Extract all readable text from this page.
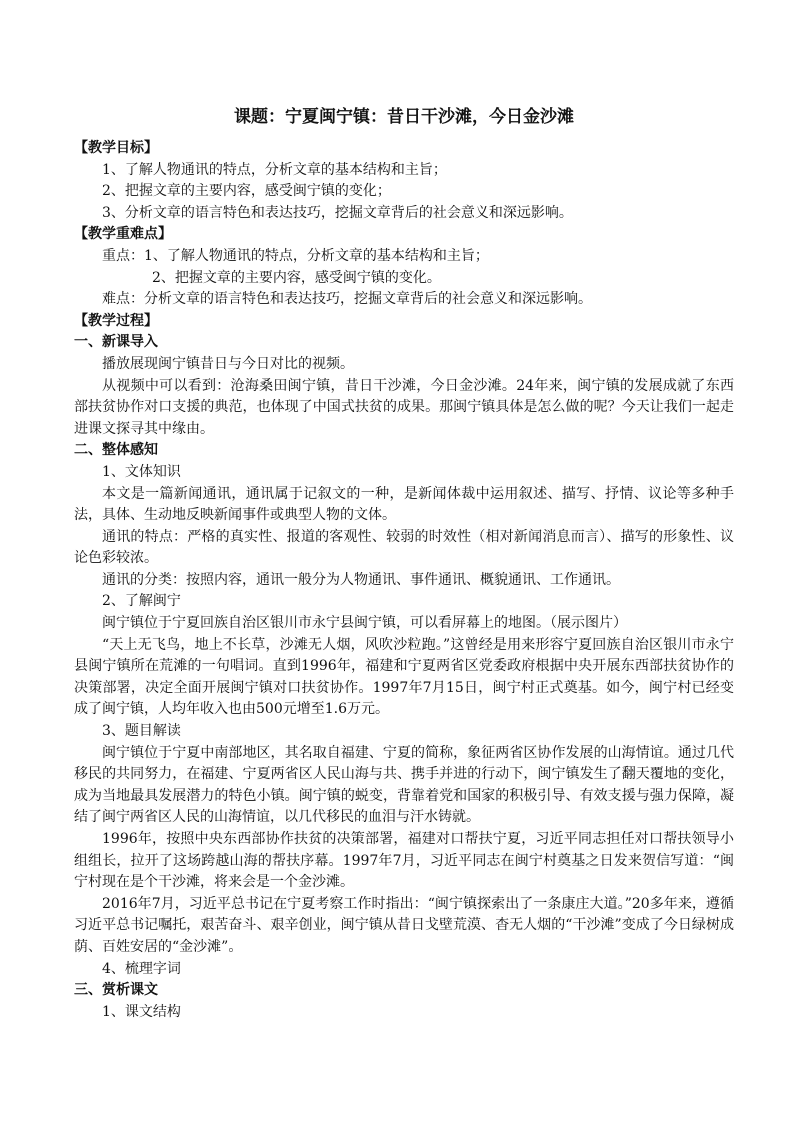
课题：宁夏闽宁镇：昔日干沙滩，今日金沙滩
【教学目标】
1、了解人物通讯的特点，分析文章的基本结构和主旨；
2、把握文章的主要内容，感受闽宁镇的变化；
3、分析文章的语言特色和表达技巧，挖掘文章背后的社会意义和深远影响。
【教学重难点】
重点：1、了解人物通讯的特点，分析文章的基本结构和主旨；
2、把握文章的主要内容，感受闽宁镇的变化。
难点：分析文章的语言特色和表达技巧，挖掘文章背后的社会意义和深远影响。
【教学过程】
一、新课导入

播放展现闽宁镇昔日与今日对比的视频。

从视频中可以看到：沧海桑田闽宁镇，昔日干沙滩，今日金沙滩。24年来，闽宁镇的发展成就了东西部扶贫协作对口支援的典范，也体现了中国式扶贫的成果。那闽宁镇具体是怎么做的呢？今天让我们一起走进课文探寻其中缘由。

二、整体感知
1、文体知识

本文是一篇新闻通讯，通讯属于记叙文的一种，是新闻体裁中运用叙述、描写、抒情、议论等多种手法，具体、生动地反映新闻事件或典型人物的文体。

通讯的特点：严格的真实性、报道的客观性、较弱的时效性（相对新闻消息而言）、描写的形象性、议论色彩较浓。

通讯的分类：按照内容，通讯一般分为人物通讯、事件通讯、概貌通讯、工作通讯。

2、了解闽宁

闽宁镇位于宁夏回族自治区银川市永宁县闽宁镇，可以看屏幕上的地图。（展示图片）

“天上无飞鸟，地上不长草，沙滩无人烟，风吹沙粒跑。”这曾经是用来形容宁夏回族自治区银川市永宁县闽宁镇所在荒滩的一句唱词。直到1996年，福建和宁夏两省区党委政府根据中央开展东西部扶贫协作的决策部署，决定全面开展闽宁镇对口扶贫协作。1997年7月15日，闽宁村正式奠基。如今，闽宁村已经变成了闽宁镇，人均年收入也由500元增至1.6万元。

3、题目解读

闽宁镇位于宁夏中南部地区，其名取自福建、宁夏的简称，象征两省区协作发展的山海情谊。通过几代移民的共同努力，在福建、宁夏两省区人民山海与共、携手并进的行动下，闽宁镇发生了翻天覆地的变化，成为当地最具发展潜力的特色小镇。闽宁镇的蜕变，背靠着党和国家的积极引导、有效支援与强力保障，凝结了闽宁两省区人民的山海情谊，以几代移民的血泪与汗水铸就。

1996年，按照中央东西部协作扶贫的决策部署，福建对口帮扶宁夏，习近平同志担任对口帮扶领导小组组长，拉开了这场跨越山海的帮扶序幕。1997年7月，习近平同志在闽宁村奠基之日发来贺信写道：“闽宁村现在是个干沙滩，将来会是一个金沙滩。

2016年7月，习近平总书记在宁夏考察工作时指出：“闽宁镇探索出了一条康庄大道。”20多年来，遵循习近平总书记嘱托，艰苦奋斗、艰辛创业，闽宁镇从昔日戈壁荒漠、杳无人烟的“干沙滩”变成了今日绿树成荫、百姓安居的“金沙滩”。

4、梳理字词
三、赏析课文
1、课文结构
